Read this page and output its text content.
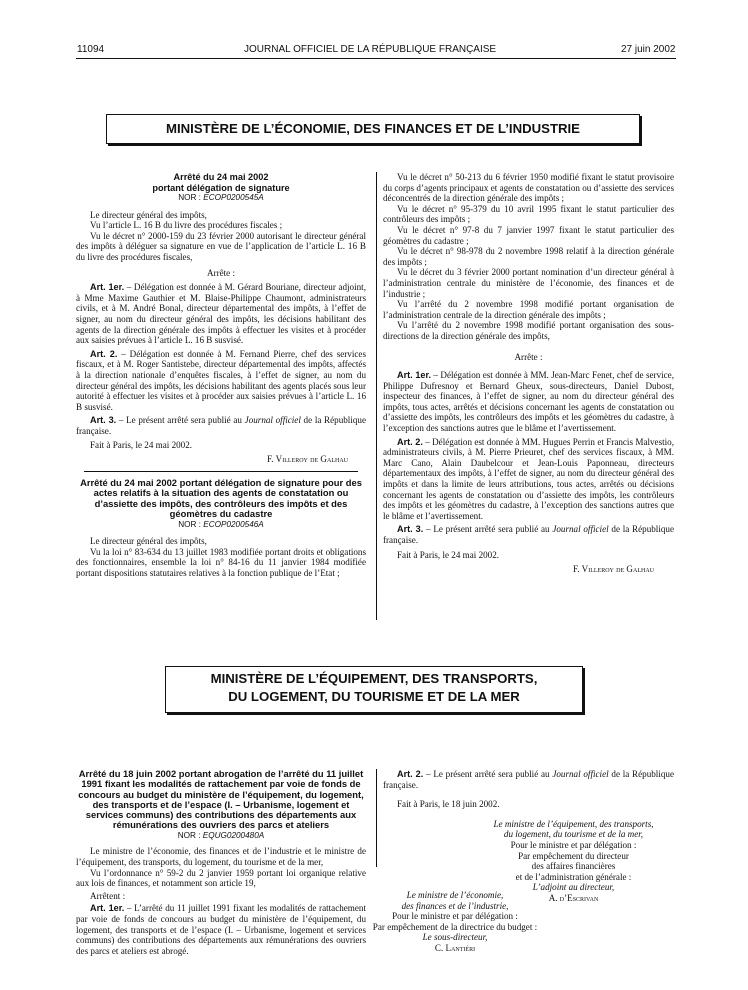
11094	JOURNAL OFFICIEL DE LA RÉPUBLIQUE FRANÇAISE	27 juin 2002
MINISTÈRE DE L’ÉCONOMIE, DES FINANCES ET DE L’INDUSTRIE
Arrêté du 24 mai 2002
portant délégation de signature
NOR : ECOP0200545A

Le directeur général des impôts,

Vu l’article L. 16 B du livre des procédures fiscales ;

Vu le décret n° 2000-159 du 23 février 2000 autorisant le directeur général des impôts à déléguer sa signature en vue de l’application de l’article L. 16 B du livre des procédures fiscales,

Arrête :

Art. 1er. – Délégation est donnée à M. Gérard Bouriane, directeur adjoint, à Mme Maxime Gauthier et M. Blaise-Philippe Chaumont, administrateurs civils, et à M. André Bonal, directeur départemental des impôts, à l’effet de signer, au nom du directeur général des impôts, les décisions habilitant des agents de la direction générale des impôts à effectuer les visites et à procéder aux saisies prévues à l’article L. 16 B susvisé.

Art. 2. – Délégation est donnée à M. Fernand Pierre, chef des services fiscaux, et à M. Roger Santistebe, directeur départemental des impôts, affectés à la direction nationale d’enquêtes fiscales, à l’effet de signer, au nom du directeur général des impôts, les décisions habilitant des agents placés sous leur autorité à effectuer les visites et à procéder aux saisies prévues à l’article L. 16 B susvisé.

Art. 3. – Le présent arrêté sera publié au Journal officiel de la République française.

Fait à Paris, le 24 mai 2002.

F. Villeroy de Galhau

Arrêté du 24 mai 2002 portant délégation de signature pour des actes relatifs à la situation des agents de constatation ou d’assiette des impôts, des contrôleurs des impôts et des géomètres du cadastre
NOR : ECOP0200546A

Le directeur général des impôts,

Vu la loi n° 83-634 du 13 juillet 1983 modifiée portant droits et obligations des fonctionnaires, ensemble la loi n° 84-16 du 11 janvier 1984 modifiée portant dispositions statutaires relatives à la fonction publique de l’Etat ;

Vu le décret n° 50-213 du 6 février 1950 modifié fixant le statut provisoire du corps d’agents principaux et agents de constatation ou d’assiette des services déconcentrés de la direction générale des impôts ;

Vu le décret n° 95-379 du 10 avril 1995 fixant le statut particulier des contrôleurs des impôts ;

Vu le décret n° 97-8 du 7 janvier 1997 fixant le statut particulier des géomètres du cadastre ;

Vu le décret n° 98-978 du 2 novembre 1998 relatif à la direction générale des impôts ;

Vu le décret du 3 février 2000 portant nomination d’un directeur général à l’administration centrale du ministère de l’économie, des finances et de l’industrie ;

Vu l’arrêté du 2 novembre 1998 modifié portant organisation de l’administration centrale de la direction générale des impôts ;

Vu l’arrêté du 2 novembre 1998 modifié portant organisation des sous-directions de la direction générale des impôts,

Arrête :

Art. 1er. – Délégation est donnée à MM. Jean-Marc Fenet, chef de service, Philippe Dufresnoy et Bernard Gheux, sous-directeurs, Daniel Dubost, inspecteur des finances, à l’effet de signer, au nom du directeur général des impôts, tous actes, arrêtés et décisions concernant les agents de constatation ou d’assiette des impôts, les contrôleurs des impôts et les géomètres du cadastre, à l’exception des sanctions autres que le blâme et l’avertissement.

Art. 2. – Délégation est donnée à MM. Hugues Perrin et Francis Malvestio, administrateurs civils, à M. Pierre Prieuret, chef des services fiscaux, à MM. Marc Cano, Alain Daubelcour et Jean-Louis Paponneau, directeurs départementaux des impôts, à l’effet de signer, au nom du directeur général des impôts et dans la limite de leurs attributions, tous actes, arrêtés ou décisions concernant les agents de constatation ou d’assiette des impôts, les contrôleurs des impôts et les géomètres du cadastre, à l’exception des sanctions autres que le blâme et l’avertissement.

Art. 3. – Le présent arrêté sera publié au Journal officiel de la République française.

Fait à Paris, le 24 mai 2002.

F. Villeroy de Galhau

MINISTÈRE DE L’ÉQUIPEMENT, DES TRANSPORTS,
DU LOGEMENT, DU TOURISME ET DE LA MER
Arrêté du 18 juin 2002 portant abrogation de l’arrêté du 11 juillet 1991 fixant les modalités de rattachement par voie de fonds de concours au budget du ministère de l’équipement, du logement, des transports et de l’espace (I. – Urbanisme, logement et services communs) des contributions des départements aux rémunérations des ouvriers des parcs et ateliers
NOR : EQUG0200480A

Le ministre de l’économie, des finances et de l’industrie et le ministre de l’équipement, des transports, du logement, du tourisme et de la mer,

Vu l’ordonnance n° 59-2 du 2 janvier 1959 portant loi organique relative aux lois de finances, et notamment son article 19,

Arrêtent :

Art. 1er. – L’arrêté du 11 juillet 1991 fixant les modalités de rattachement par voie de fonds de concours au budget du ministère de l’équipement, du logement, des transports et de l’espace (I. – Urbanisme, logement et services communs) des contributions des départements aux rémunérations des ouvriers des parcs et ateliers est abrogé.

Art. 2. – Le présent arrêté sera publié au Journal officiel de la République française.

Fait à Paris, le 18 juin 2002.

Le ministre de l’équipement, des transports,
du logement, du tourisme et de la mer,
Pour le ministre et par délégation :
Par empêchement du directeur
des affaires financières
et de l’administration générale :
L’adjoint au directeur,
A. d’Escrivan
Le ministre de l’économie,
des finances et de l’industrie,
Pour le ministre et par délégation :
Par empêchement de la directrice du budget :
Le sous-directeur,
C. Lantiéri
